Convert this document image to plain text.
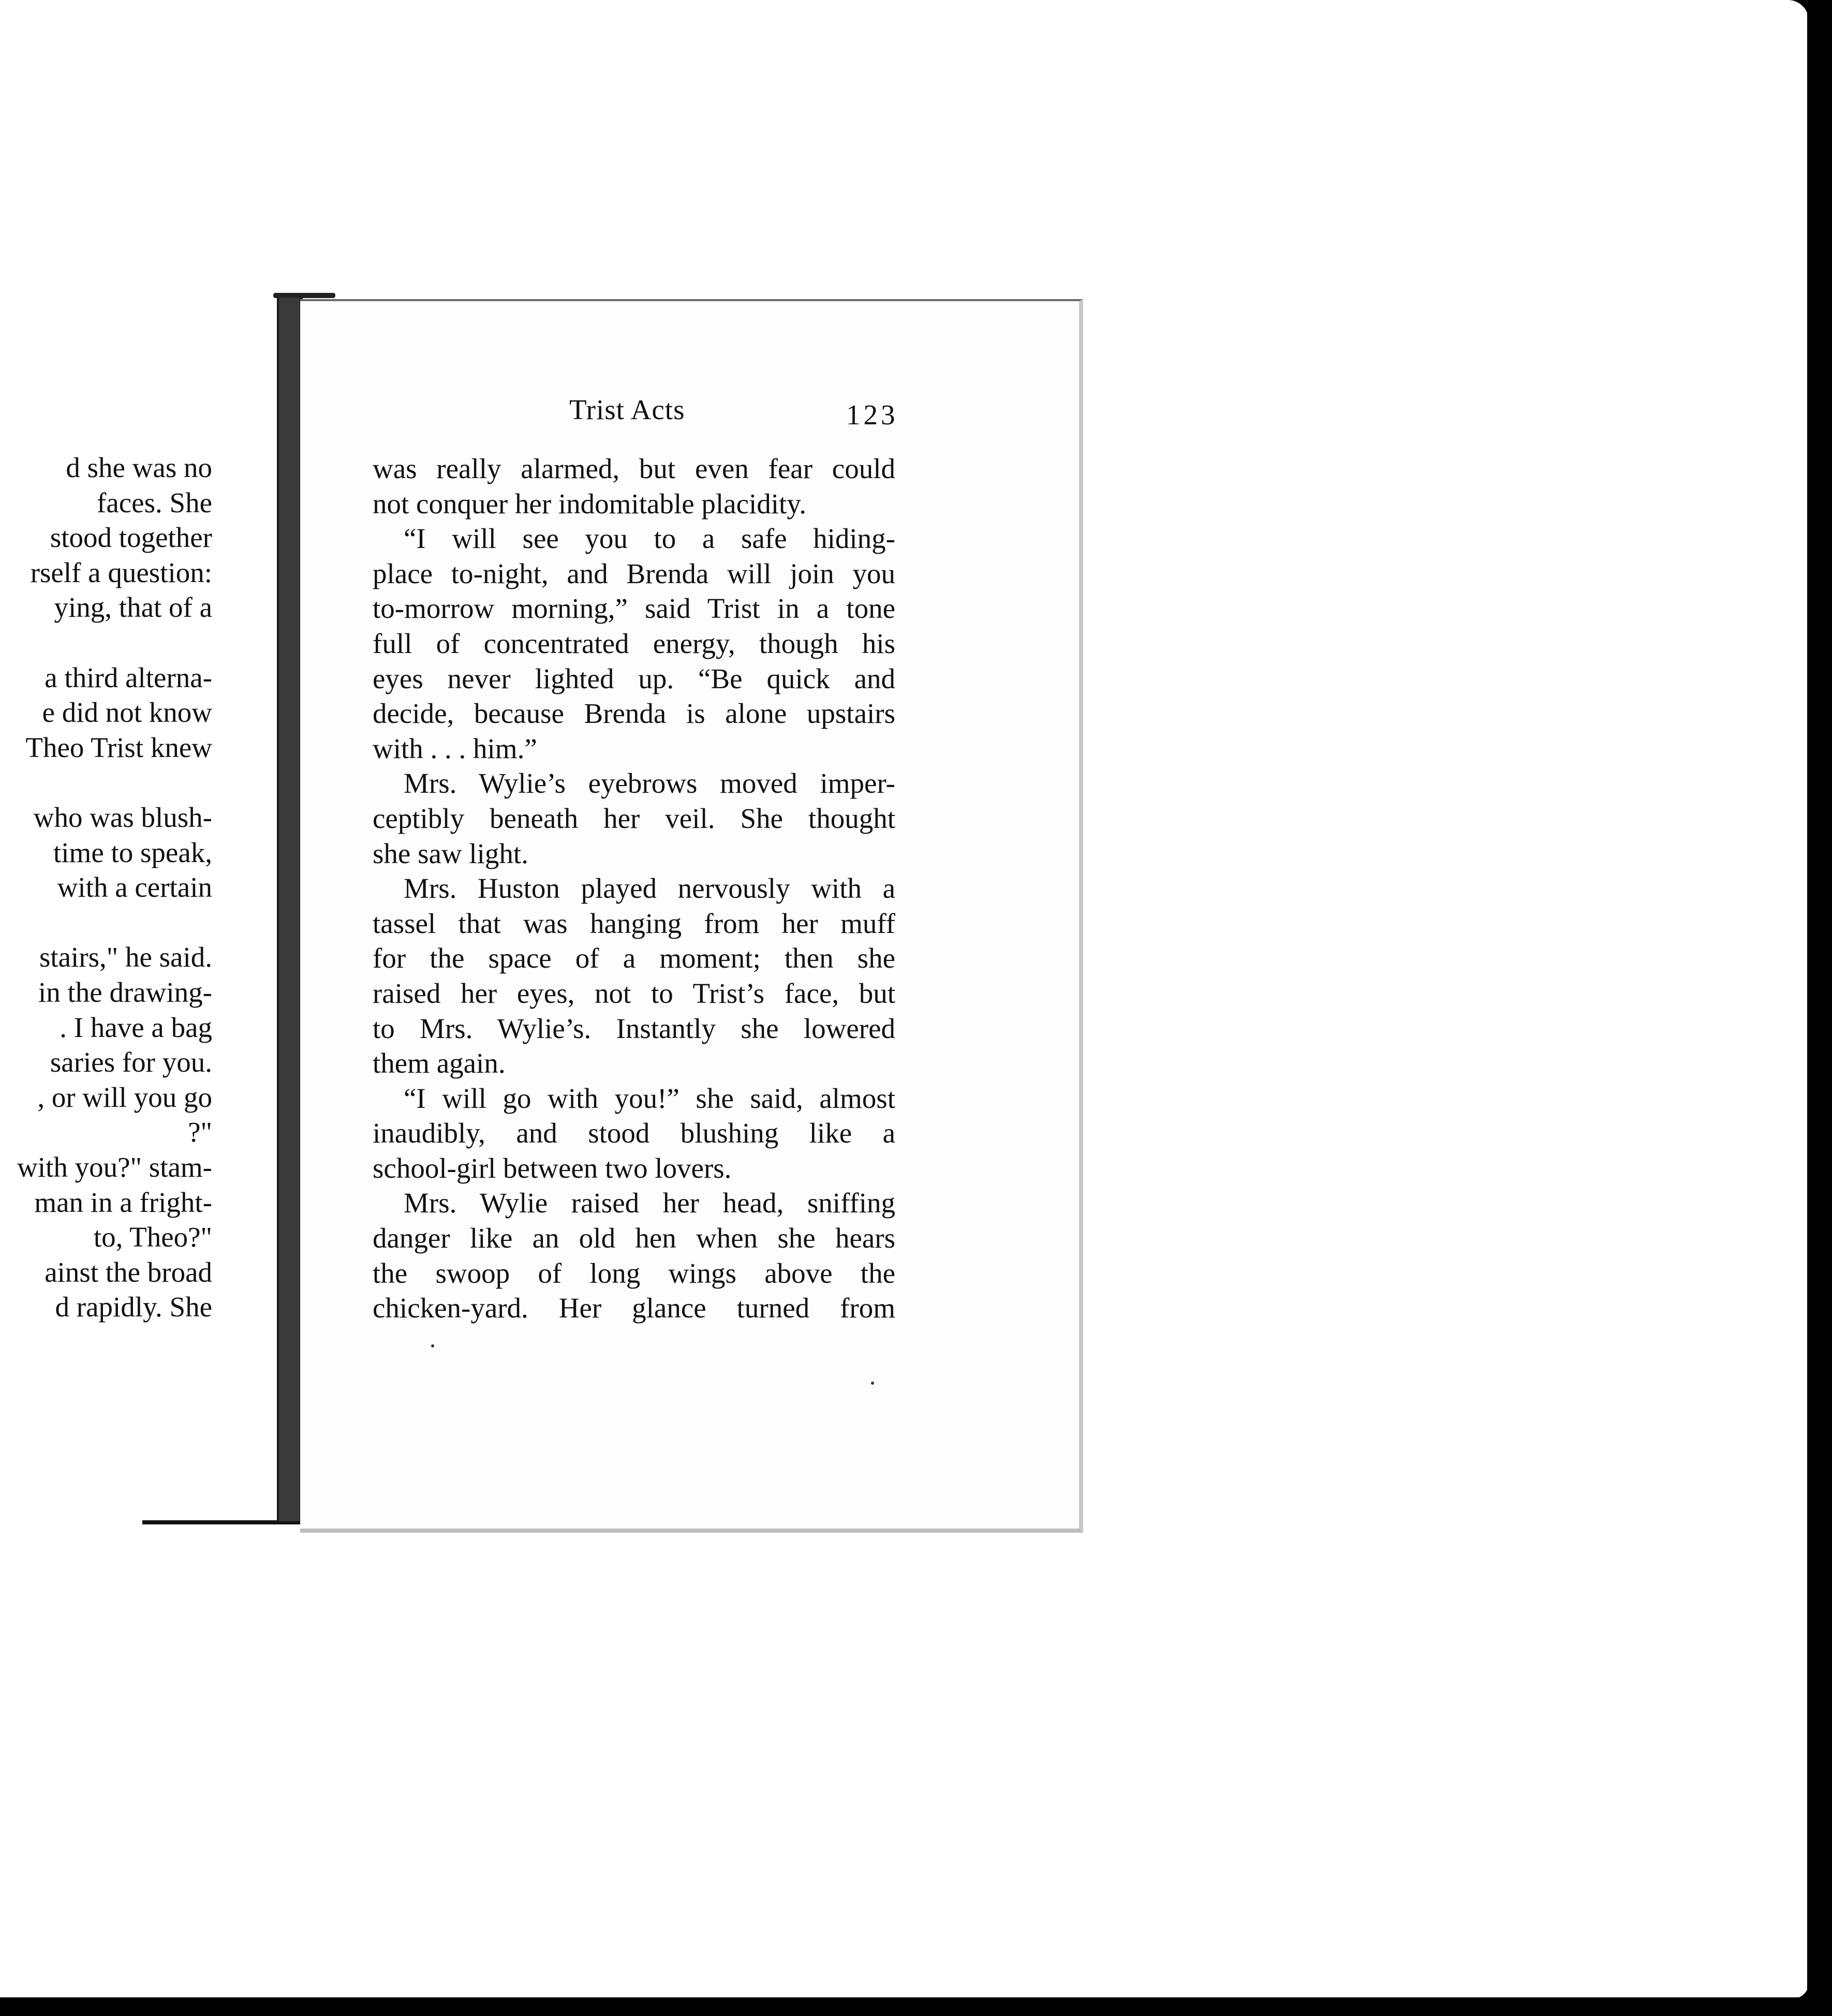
d she was no
faces. She
stood together
rself a question:
ying, that of a
a third alterna-
e did not know
Theo Trist knew
who was blush-
time to speak,
with a certain
stairs," he said.
in the drawing-
. I have a bag
saries for you.
, or will you go
?"
with you?" stam-
man in a fright-
to, Theo?"
ainst the broad
d rapidly. She
Trist Acts	123
was really alarmed, but even fear could
not conquer her indomitable placidity.
“I will see you to a safe hiding-
place to-night, and Brenda will join you
to-morrow morning,” said Trist in a tone
full of concentrated energy, though his
eyes never lighted up. “Be quick and
decide, because Brenda is alone upstairs
with . . . him.”
Mrs. Wylie’s eyebrows moved imper-
ceptibly beneath her veil. She thought
she saw light.
Mrs. Huston played nervously with a
tassel that was hanging from her muff
for the space of a moment; then she
raised her eyes, not to Trist’s face, but
to Mrs. Wylie’s. Instantly she lowered
them again.
“I will go with you!” she said, almost
inaudibly, and stood blushing like a
school-girl between two lovers.
Mrs. Wylie raised her head, sniffing
danger like an old hen when she hears
the swoop of long wings above the
chicken-yard. Her glance turned from
